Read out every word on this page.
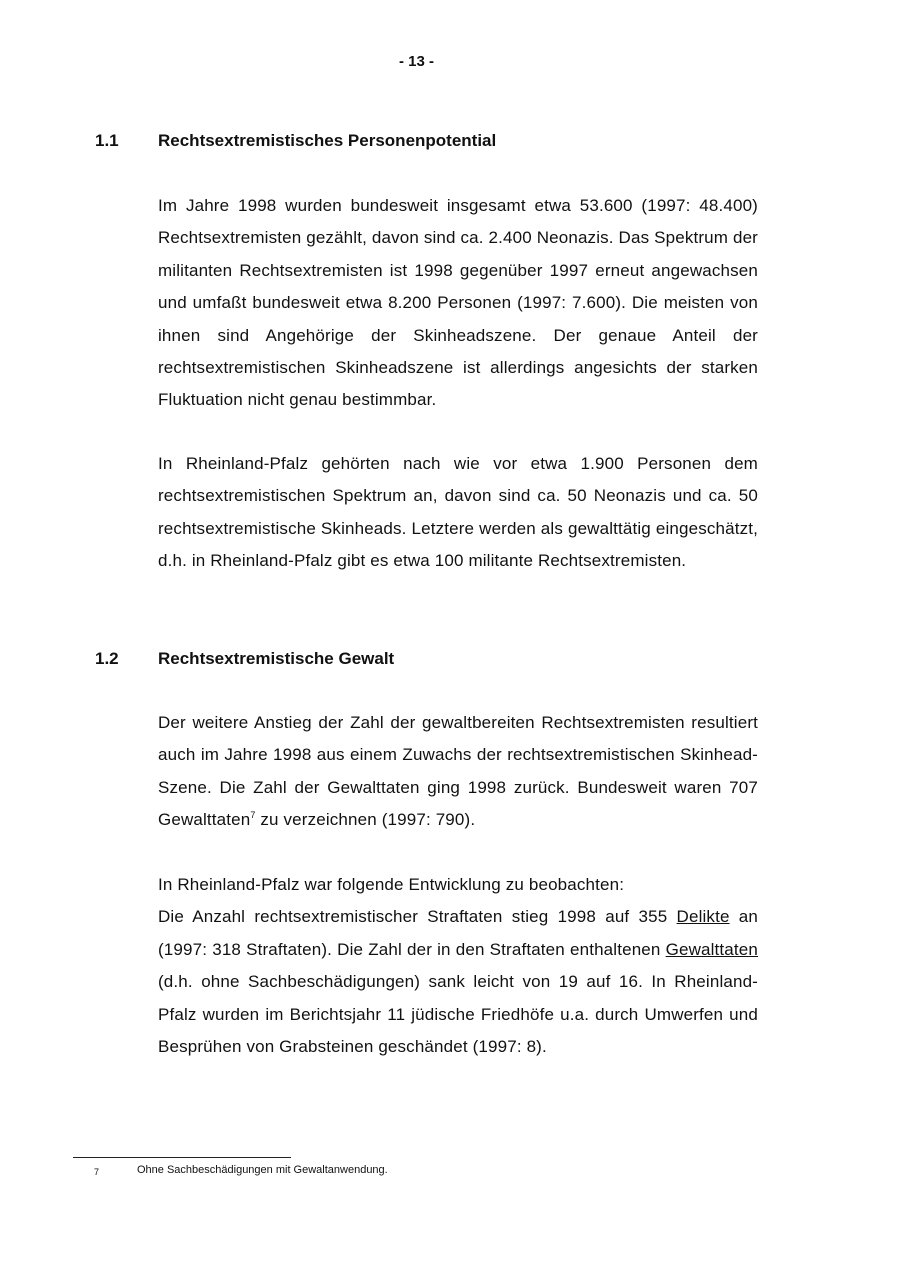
- 13 -
1.1 Rechtsextremistisches Personenpotential

Im Jahre 1998 wurden bundesweit insgesamt etwa 53.600 (1997: 48.400) Rechtsextremisten gezählt, davon sind ca. 2.400 Neonazis. Das Spektrum der militanten Rechtsextremisten ist 1998 gegenüber 1997 erneut angewachsen und umfaßt bundesweit etwa 8.200 Personen (1997: 7.600). Die meisten von ihnen sind Angehörige der Skinheadszene. Der genaue Anteil der rechtsextremistischen Skinheadszene ist allerdings angesichts der starken Fluktuation nicht genau bestimmbar.

In Rheinland-Pfalz gehörten nach wie vor etwa 1.900 Personen dem rechtsextremistischen Spektrum an, davon sind ca. 50 Neonazis und ca. 50 rechtsextremistische Skinheads. Letztere werden als gewalttätig eingeschätzt, d.h. in Rheinland-Pfalz gibt es etwa 100 militante Rechtsextremisten.

1.2 Rechtsextremistische Gewalt

Der weitere Anstieg der Zahl der gewaltbereiten Rechtsextremisten resultiert auch im Jahre 1998 aus einem Zuwachs der rechtsextremistischen Skinhead-Szene. Die Zahl der Gewalttaten ging 1998 zurück. Bundesweit waren 707 Gewalttaten$^7$ zu verzeichnen (1997: 790).

In Rheinland-Pfalz war folgende Entwicklung zu beobachten:

Die Anzahl rechtsextremistischer Straftaten stieg 1998 auf 355 Delikte an (1997: 318 Straftaten). Die Zahl der in den Straftaten enthaltenen Gewalttaten (d.h. ohne Sachbeschädigungen) sank leicht von 19 auf 16. In Rheinland-Pfalz wurden im Berichtsjahr 11 jüdische Friedhöfe u.a. durch Umwerfen und Besprühen von Grabsteinen geschändet (1997: 8).

7	Ohne Sachbeschädigungen mit Gewaltanwendung.
